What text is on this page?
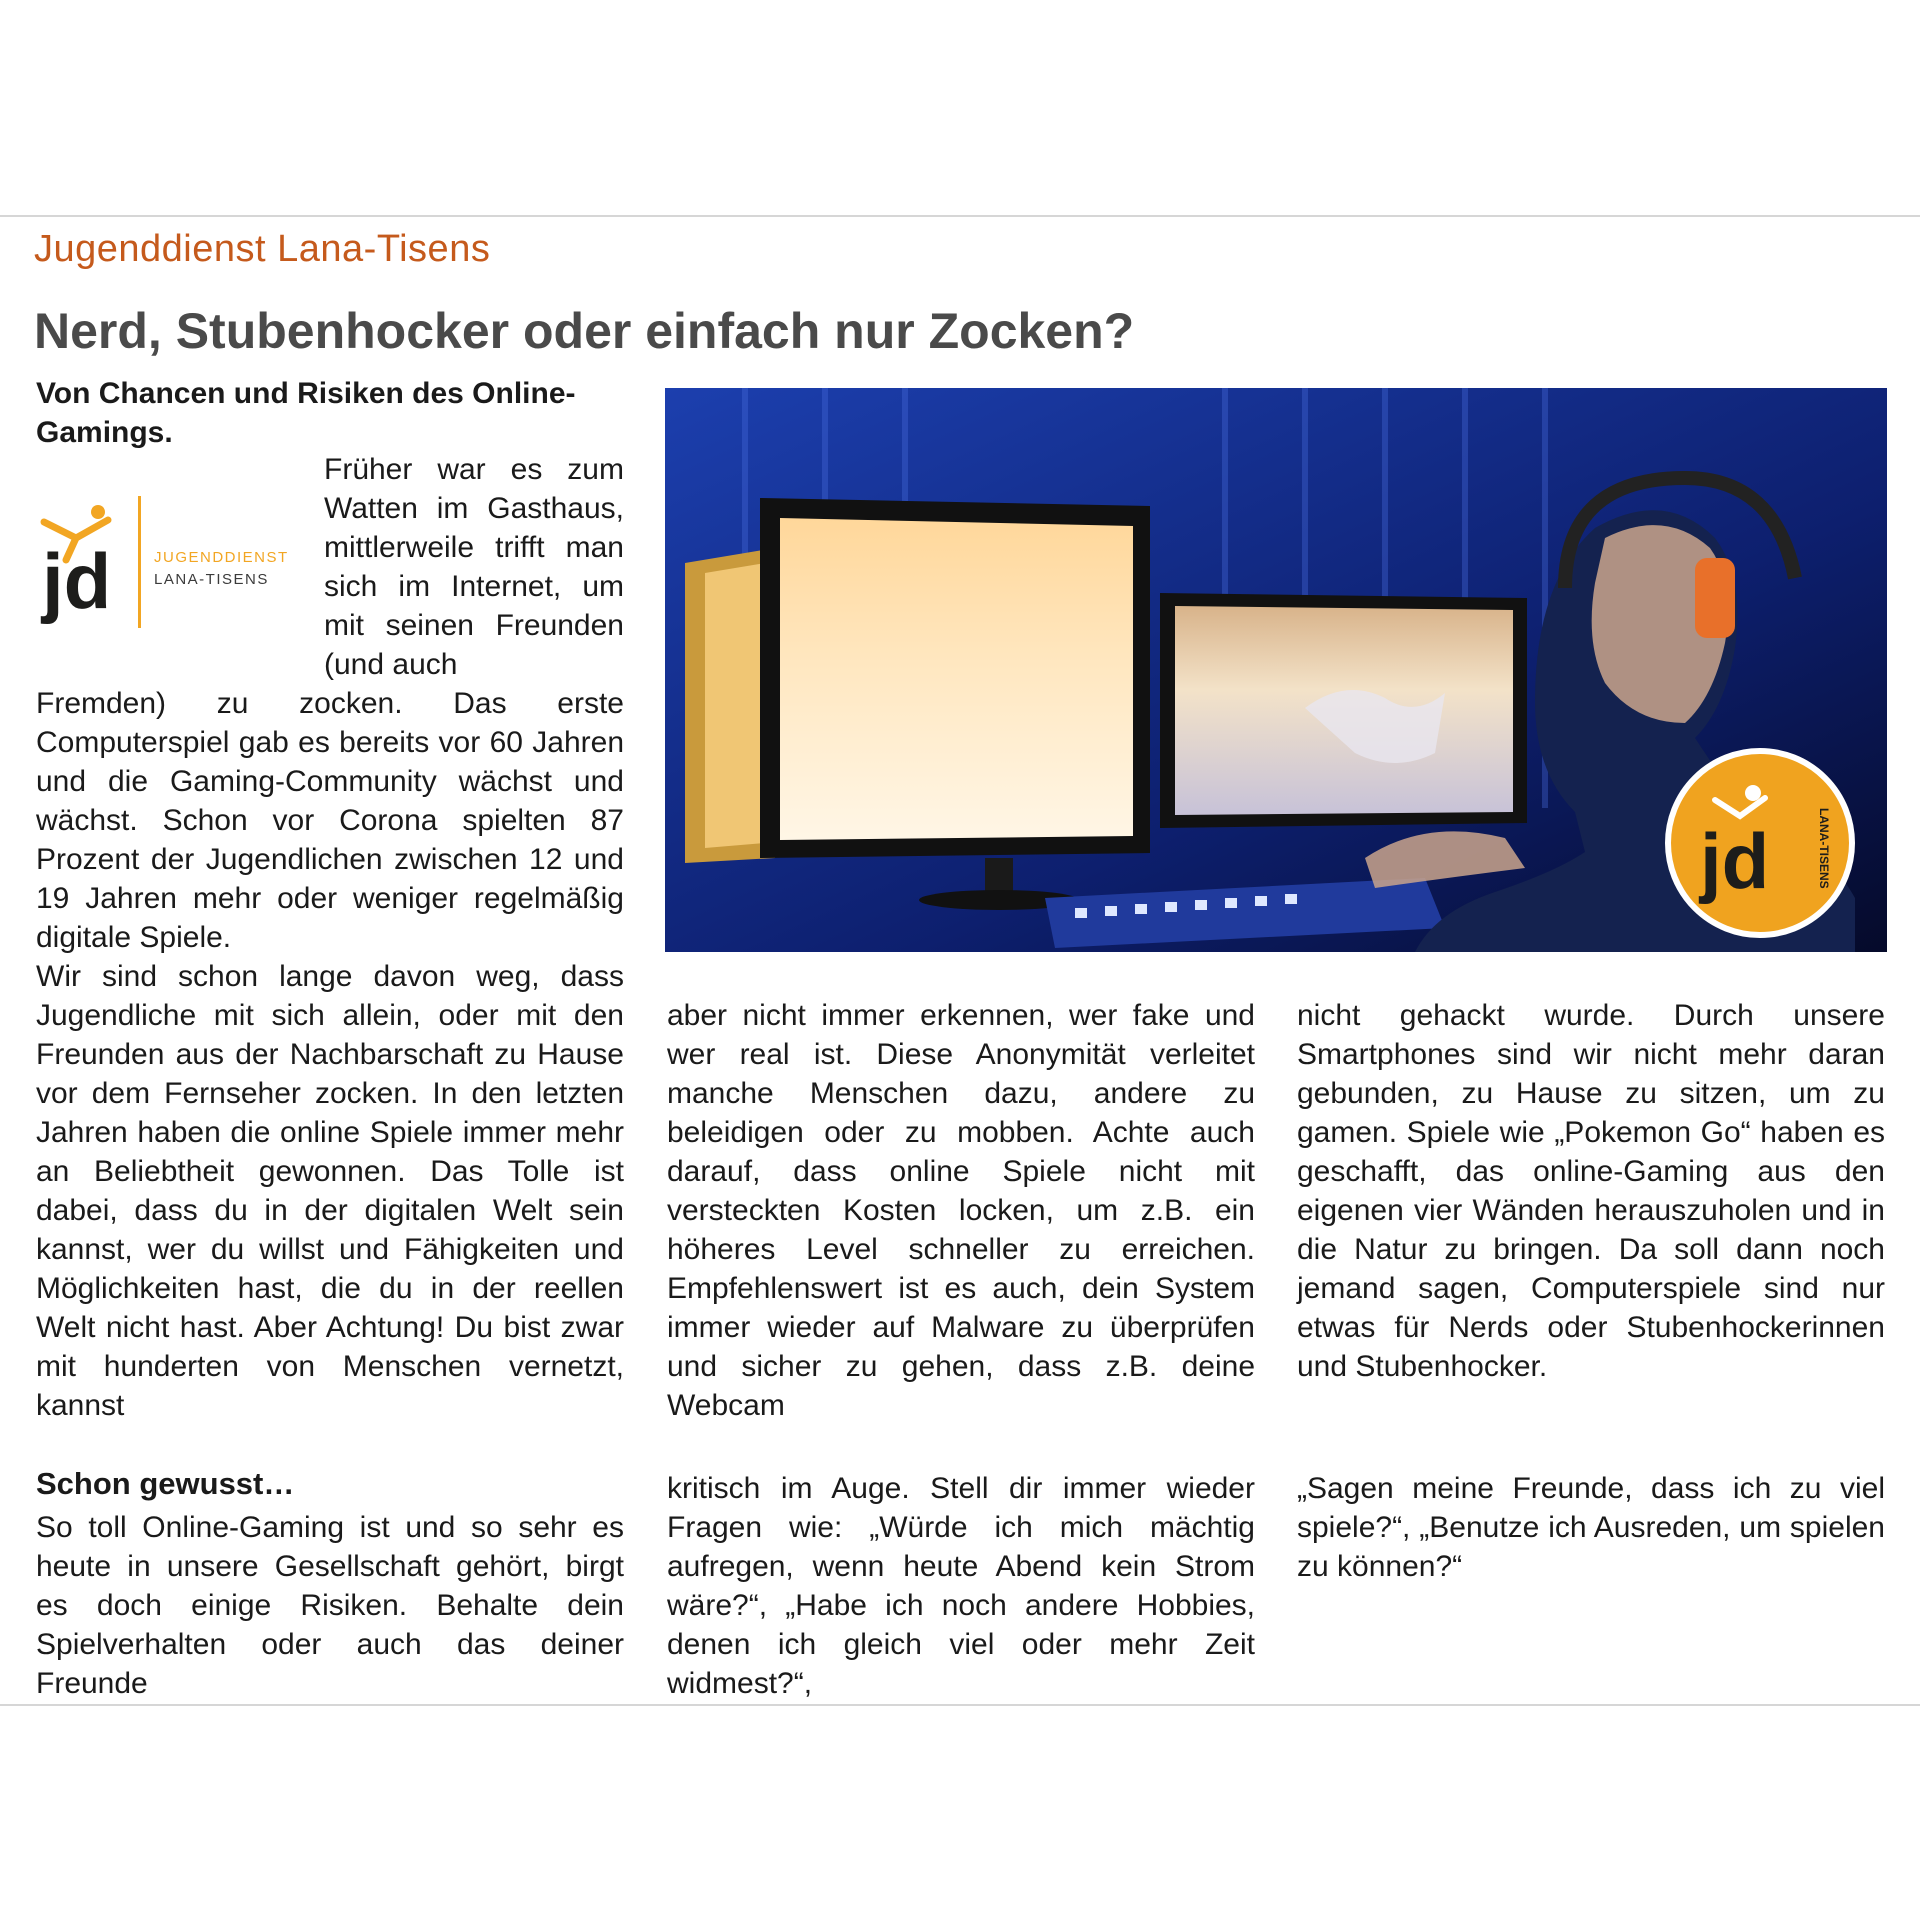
Jugenddienst Lana-Tisens
Nerd, Stubenhocker oder einfach nur Zocken?
Von Chancen und Risiken des Online-Gamings.
jd	JUGENDDIENST
LANA-TISENS
Früher war es zum Watten im Gasthaus, mittlerweile trifft man sich im Internet, um mit seinen Freunden (und auch

Fremden) zu zocken. Das erste Computerspiel gab es bereits vor 60 Jahren und die Gaming-Community wächst und wächst. Schon vor Corona spielten 87 Prozent der Jugendlichen zwischen 12 und 19 Jahren mehr oder weniger regelmäßig digitale Spiele.

Wir sind schon lange davon weg, dass Jugendliche mit sich allein, oder mit den Freunden aus der Nachbarschaft zu Hause vor dem Fernseher zocken. In den letzten Jahren haben die online Spiele immer mehr an Beliebtheit gewonnen. Das Tolle ist dabei, dass du in der digitalen Welt sein kannst, wer du willst und Fähigkeiten und Möglichkeiten hast, die du in der reellen Welt nicht hast. Aber Achtung! Du bist zwar mit hunderten von Menschen vernetzt, kannst

jd	LANA-TISENS

aber nicht immer erkennen, wer fake und wer real ist. Diese Anonymität verleitet manche Menschen dazu, andere zu beleidigen oder zu mobben. Achte auch darauf, dass online Spiele nicht mit versteckten Kosten locken, um z.B. ein höheres Level schneller zu erreichen. Empfehlenswert ist es auch, dein System immer wieder auf Malware zu überprüfen und sicher zu gehen, dass z.B. deine Webcam

nicht gehackt wurde. Durch unsere Smartphones sind wir nicht mehr daran gebunden, zu Hause zu sitzen, um zu gamen. Spiele wie „Pokemon Go“ haben es geschafft, das online-Gaming aus den eigenen vier Wänden herauszuholen und in die Natur zu bringen. Da soll dann noch jemand sagen, Computerspiele sind nur etwas für Nerds oder Stubenhockerinnen und Stubenhocker.

Schon gewusst…
So toll Online-Gaming ist und so sehr es heute in unsere Gesellschaft gehört, birgt es doch einige Risiken. Behalte dein Spielverhalten oder auch das deiner Freunde
kritisch im Auge. Stell dir immer wieder Fragen wie: „Würde ich mich mächtig aufregen, wenn heute Abend kein Strom wäre?“, „Habe ich noch andere Hobbies, denen ich gleich viel oder mehr Zeit widmest?“,
„Sagen meine Freunde, dass ich zu viel spiele?“, „Benutze ich Ausreden, um spielen zu können?“
